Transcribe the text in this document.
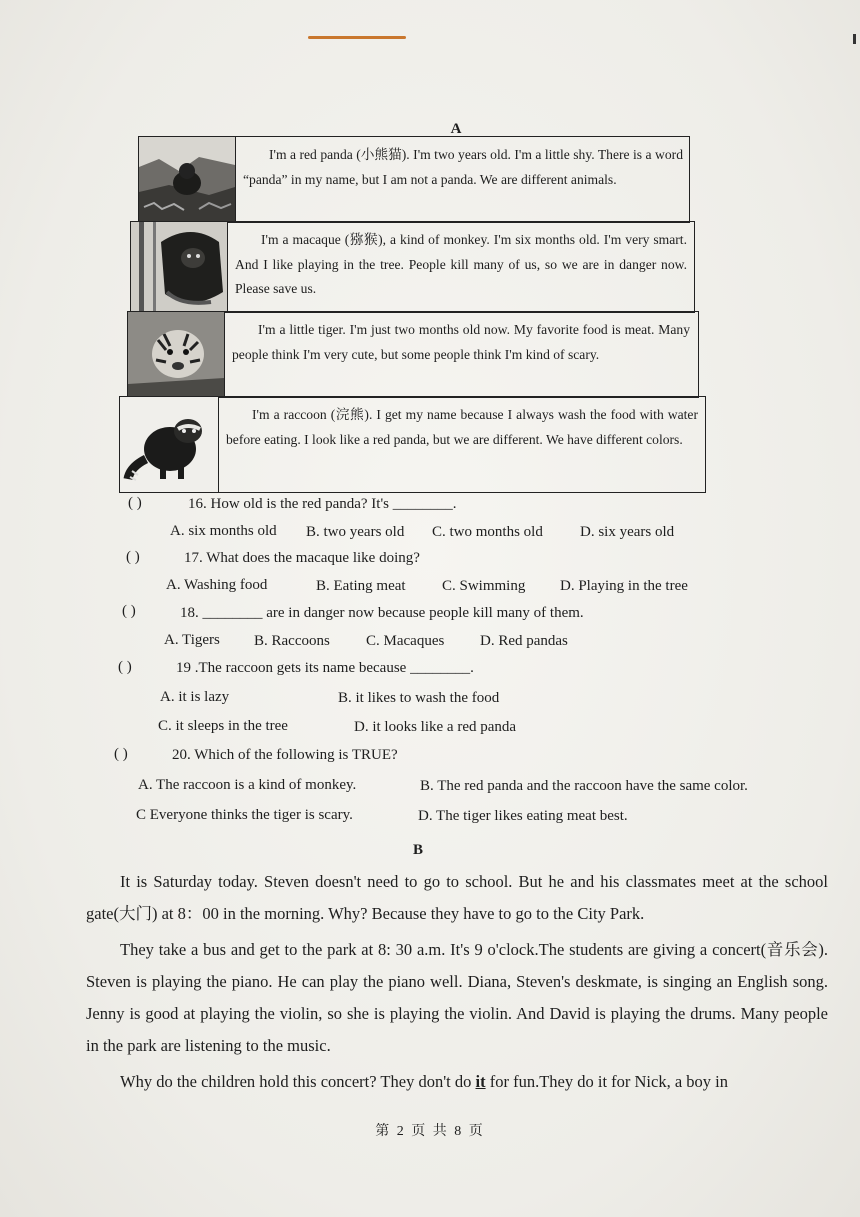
A

I'm a red panda (小熊猫). I'm two years old. I'm a little shy. There is a word “panda” in my name, but I am not a panda. We are different animals.

I'm a macaque (猕猴), a kind of monkey. I'm six months old. I'm very smart. And I like playing in the tree. People kill many of us, so we are in danger now. Please save us.

I'm a little tiger. I'm just two months old now. My favorite food is meat. Many people think I'm very cute, but some people think I'm kind of scary.

I'm a raccoon (浣熊). I get my name because I always wash the food with water before eating. I look like a red panda, but we are different. We have different colors.

( )	16. How old is the red panda? It's ________.
A. six months old B. two years old C. two months old D. six years old
( )	17. What does the macaque like doing?
A. Washing food	B. Eating meat C. Swimming D. Playing in the tree
( )	18. ________ are in danger now because people kill many of them.
A. Tigers B. Raccoons C. Macaques D. Red pandas
( )	19 .The raccoon gets its name because ________.
A. it is lazy	B. it likes to wash the food
C. it sleeps in the tree	D. it looks like a red panda
( )	20. Which of the following is TRUE?
A. The raccoon is a kind of monkey.	B. The red panda and the raccoon have the same color.
C Everyone thinks the tiger is scary.	D. The tiger likes eating meat best.
B

It is Saturday today. Steven doesn't need to go to school. But he and his classmates meet at the school gate(大门) at 8：00 in the morning. Why? Because they have to go to the City Park.

They take a bus and get to the park at 8: 30 a.m. It's 9 o'clock.The students are giving a concert(音乐会). Steven is playing the piano. He can play the piano well. Diana, Steven's deskmate, is singing an English song. Jenny is good at playing the violin, so she is playing the violin. And David is playing the drums. Many people in the park are listening to the music.

Why do the children hold this concert? They don't do it for fun.They do it for Nick, a boy in

第 2 页 共 8 页
